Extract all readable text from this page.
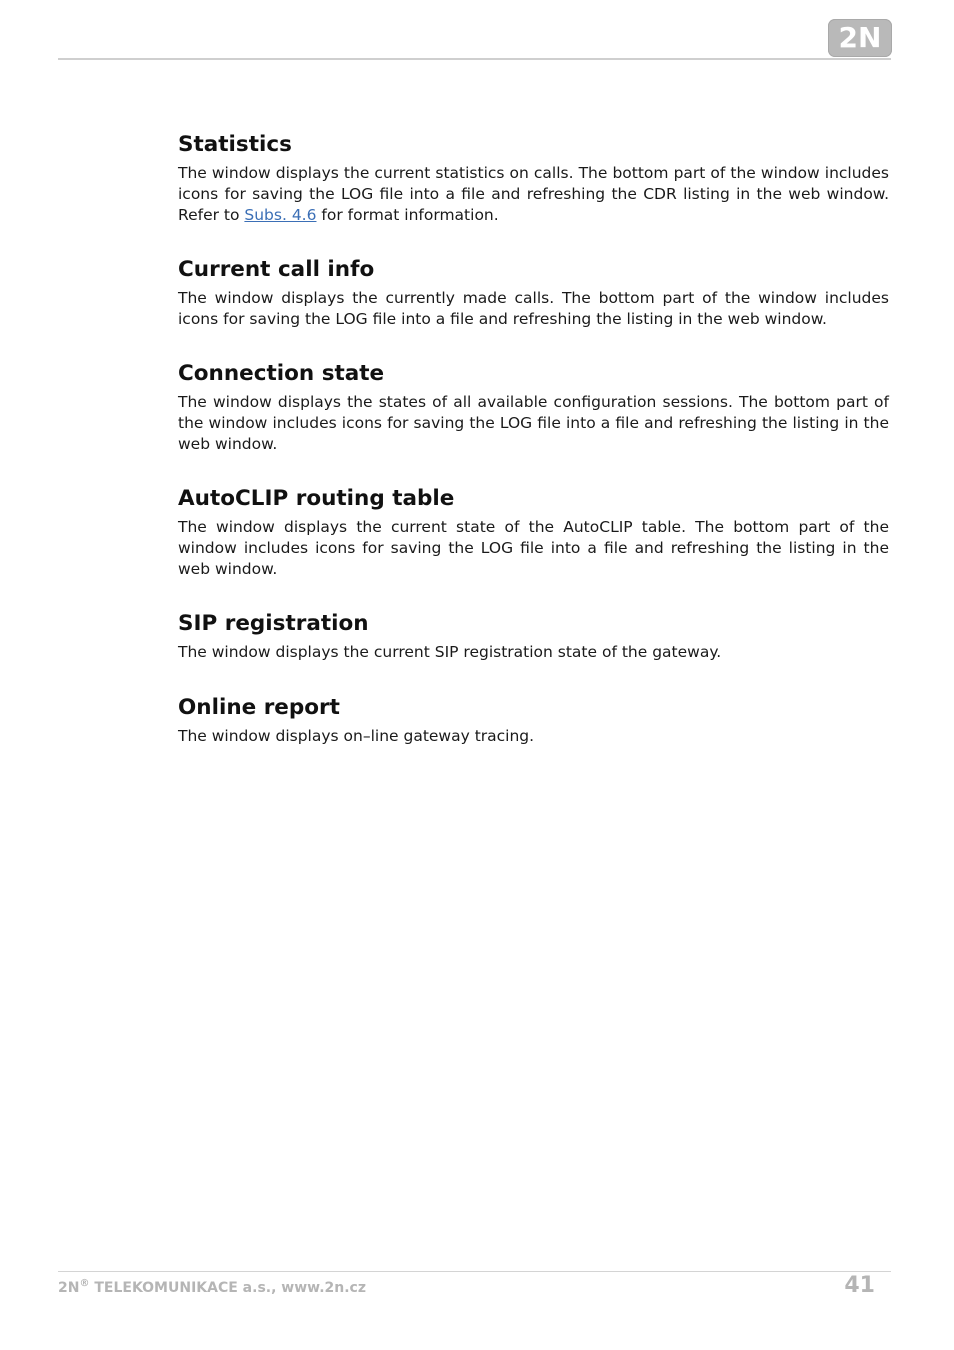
2N
Statistics

The window displays the current statistics on calls. The bottom part of the window includes icons for saving the LOG file into a file and refreshing the CDR listing in the web window. Refer to Subs. 4.6 for format information.

Current call info

The window displays the currently made calls. The bottom part of the window includes icons for saving the LOG file into a file and refreshing the listing in the web window.

Connection state

The window displays the states of all available configuration sessions. The bottom part of the window includes icons for saving the LOG file into a file and refreshing the listing in the web window.

AutoCLIP routing table

The window displays the current state of the AutoCLIP table. The bottom part of the window includes icons for saving the LOG file into a file and refreshing the listing in the web window.

SIP registration

The window displays the current SIP registration state of the gateway.

Online report

The window displays on–line gateway tracing.

2N® TELEKOMUNIKACE a.s., www.2n.cz	41
